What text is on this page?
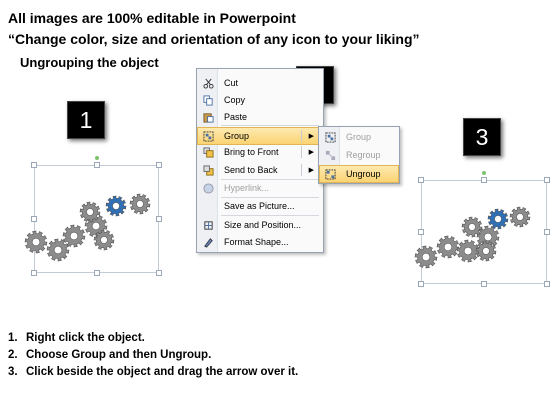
All images are 100% editable in Powerpoint
“Change color, size and orientation of any icon to your liking”
Ungrouping the object
1
Cut
Copy
Paste
Group	▶
Bring to Front	▶
Send to Back	▶
Hyperlink...
Save as Picture...
Size and Position...
Format Shape...
Group
Regroup
Ungroup
3
1. Right click the object.
2. Choose Group and then Ungroup.
3. Click beside the object and drag the arrow over it.
